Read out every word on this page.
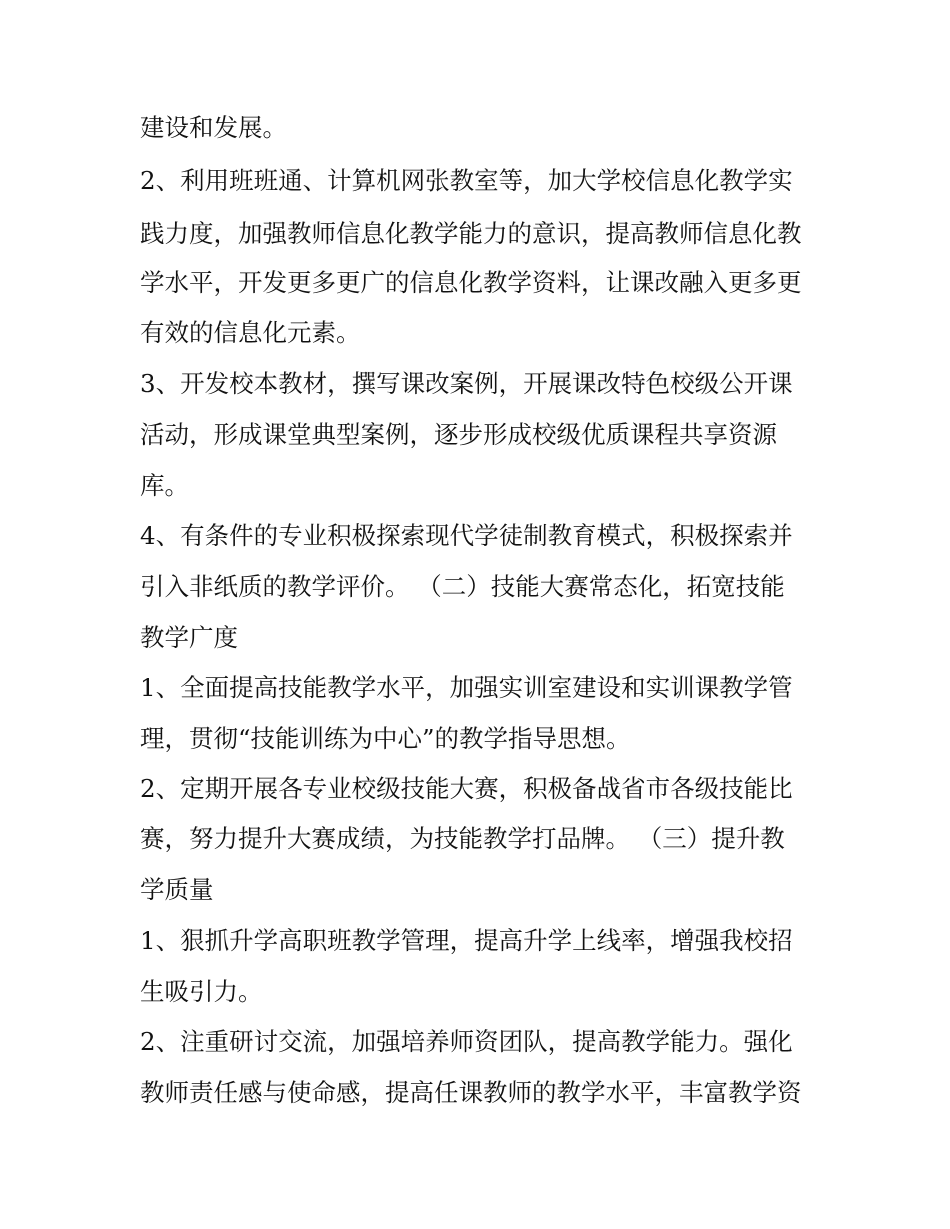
建设和发展。
2、利用班班通、计算机网张教室等，加大学校信息化教学实
践力度，加强教师信息化教学能力的意识，提高教师信息化教
学水平，开发更多更广的信息化教学资料，让课改融入更多更
有效的信息化元素。
3、开发校本教材，撰写课改案例，开展课改特色校级公开课
活动，形成课堂典型案例，逐步形成校级优质课程共享资源
库。
4、有条件的专业积极探索现代学徒制教育模式，积极探索并
引入非纸质的教学评价。 （二）技能大赛常态化，拓宽技能
教学广度
1、全面提高技能教学水平，加强实训室建设和实训课教学管
理，贯彻“技能训练为中心”的教学指导思想。
2、定期开展各专业校级技能大赛，积极备战省市各级技能比
赛，努力提升大赛成绩，为技能教学打品牌。 （三）提升教
学质量
1、狠抓升学高职班教学管理，提高升学上线率，增强我校招
生吸引力。
2、注重研讨交流，加强培养师资团队，提高教学能力。强化
教师责任感与使命感，提高任课教师的教学水平，丰富教学资
